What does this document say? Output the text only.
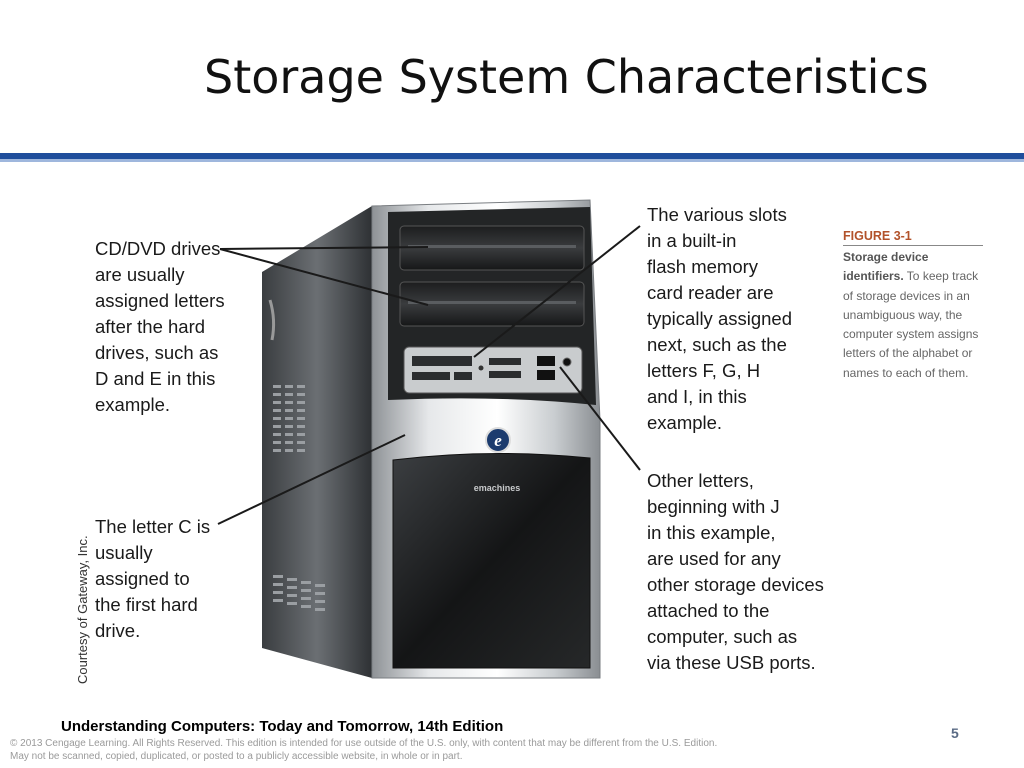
Storage System Characteristics
e
emachines
CD/DVD drives
are usually
assigned letters
after the hard
drives, such as
D and E in this
example.
The letter C is
usually
assigned to
the first hard
drive.
The various slots
in a built-in
flash memory
card reader are
typically assigned
next, such as the
letters F, G, H
and I, in this
example.
Other letters,
beginning with J
in this example,
are used for any
other storage devices
attached to the
computer, such as
via these USB ports.
Courtesy of Gateway, Inc.
FIGURE 3-1
Storage device identifiers. To keep track of storage devices in an unambiguous way, the computer system assigns letters of the alphabet or names to each of them.
Understanding Computers: Today and Tomorrow, 14th Edition	5
© 2013 Cengage Learning. All Rights Reserved. This edition is intended for use outside of the U.S. only, with content that may be different from the U.S. Edition.
May not be scanned, copied, duplicated, or posted to a publicly accessible website, in whole or in part.
